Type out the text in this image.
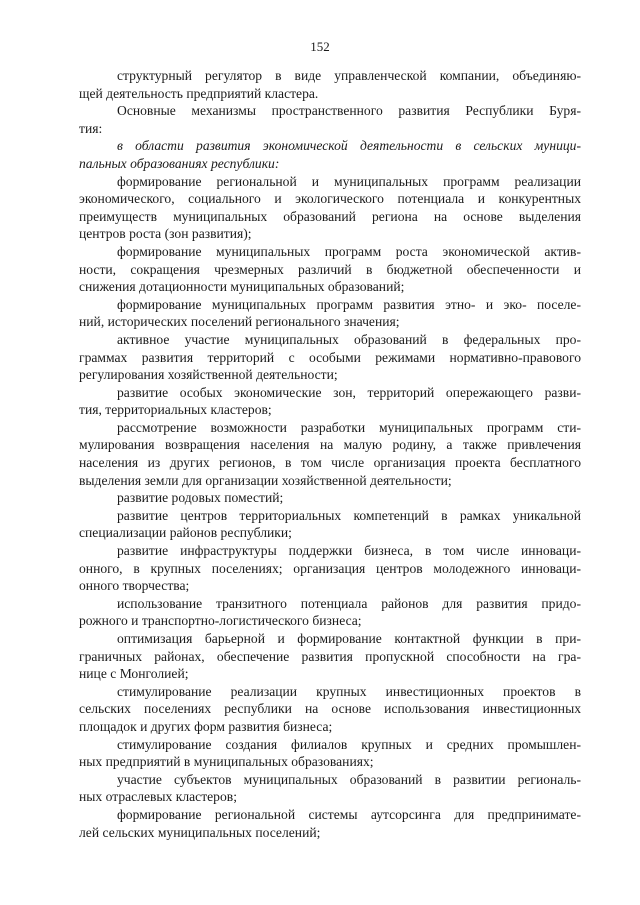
152
структурный регулятор в виде управленческой компании, объединяю-
щей деятельность предприятий кластера.
Основные механизмы пространственного развития Республики Буря-
тия:
в области развития экономической деятельности в сельских муници-
пальных образованиях республики:
формирование региональной и муниципальных программ реализации
экономического, социального и экологического потенциала и конкурентных
преимуществ муниципальных образований региона на основе выделения
центров роста (зон развития);
формирование муниципальных программ роста экономической актив-
ности, сокращения чрезмерных различий в бюджетной обеспеченности и
снижения дотационности муниципальных образований;
формирование муниципальных программ развития этно- и эко- поселе-
ний, исторических поселений регионального значения;
активное участие муниципальных образований в федеральных про-
граммах развития территорий с особыми режимами нормативно-правового
регулирования хозяйственной деятельности;
развитие особых экономические зон, территорий опережающего разви-
тия, территориальных кластеров;
рассмотрение возможности разработки муниципальных программ сти-
мулирования возвращения населения на малую родину, а также привлечения
населения из других регионов, в том числе организация проекта бесплатного
выделения земли для организации хозяйственной деятельности;
развитие родовых поместий;
развитие центров территориальных компетенций в рамках уникальной
специализации районов республики;
развитие инфраструктуры поддержки бизнеса, в том числе инноваци-
онного, в крупных поселениях; организация центров молодежного инноваци-
онного творчества;
использование транзитного потенциала районов для развития придо-
рожного и транспортно-логистического бизнеса;
оптимизация барьерной и формирование контактной функции в при-
граничных районах, обеспечение развития пропускной способности на гра-
нице с Монголией;
стимулирование реализации крупных инвестиционных проектов в
сельских поселениях республики на основе использования инвестиционных
площадок и других форм развития бизнеса;
стимулирование создания филиалов крупных и средних промышлен-
ных предприятий в муниципальных образованиях;
участие субъектов муниципальных образований в развитии региональ-
ных отраслевых кластеров;
формирование региональной системы аутсорсинга для предпринимате-
лей сельских муниципальных поселений;
